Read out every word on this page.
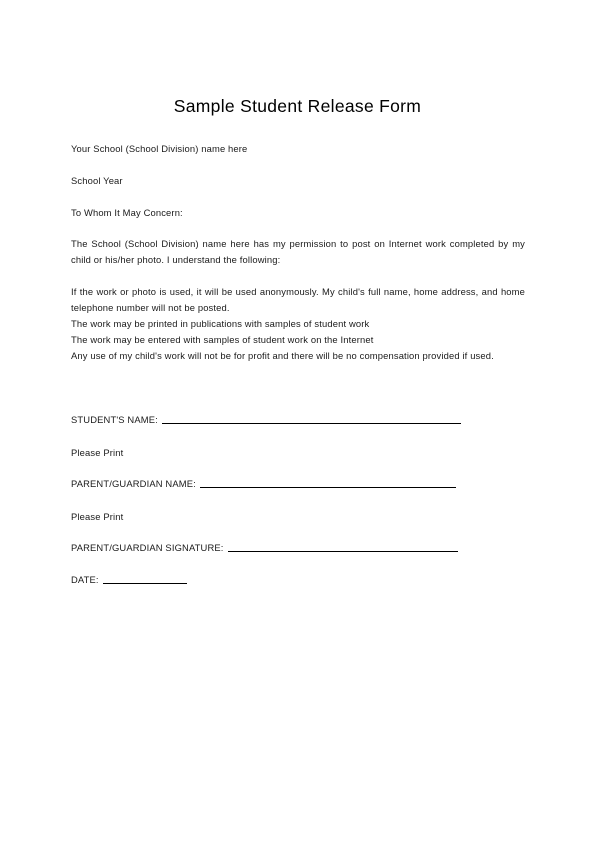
Sample Student Release Form
Your School (School Division) name here
School Year
To Whom It May Concern:

The School (School Division) name here has my permission to post on Internet work completed by my child or his/her photo. I understand the following:

If the work or photo is used, it will be used anonymously. My child's full name, home address, and home telephone number will not be posted.

The work may be printed in publications with samples of student work

The work may be entered with samples of student work on the Internet

Any use of my child's work will not be for profit and there will be no compensation provided if used.

STUDENT'S NAME:
Please Print
PARENT/GUARDIAN NAME:
Please Print
PARENT/GUARDIAN SIGNATURE:
DATE:
